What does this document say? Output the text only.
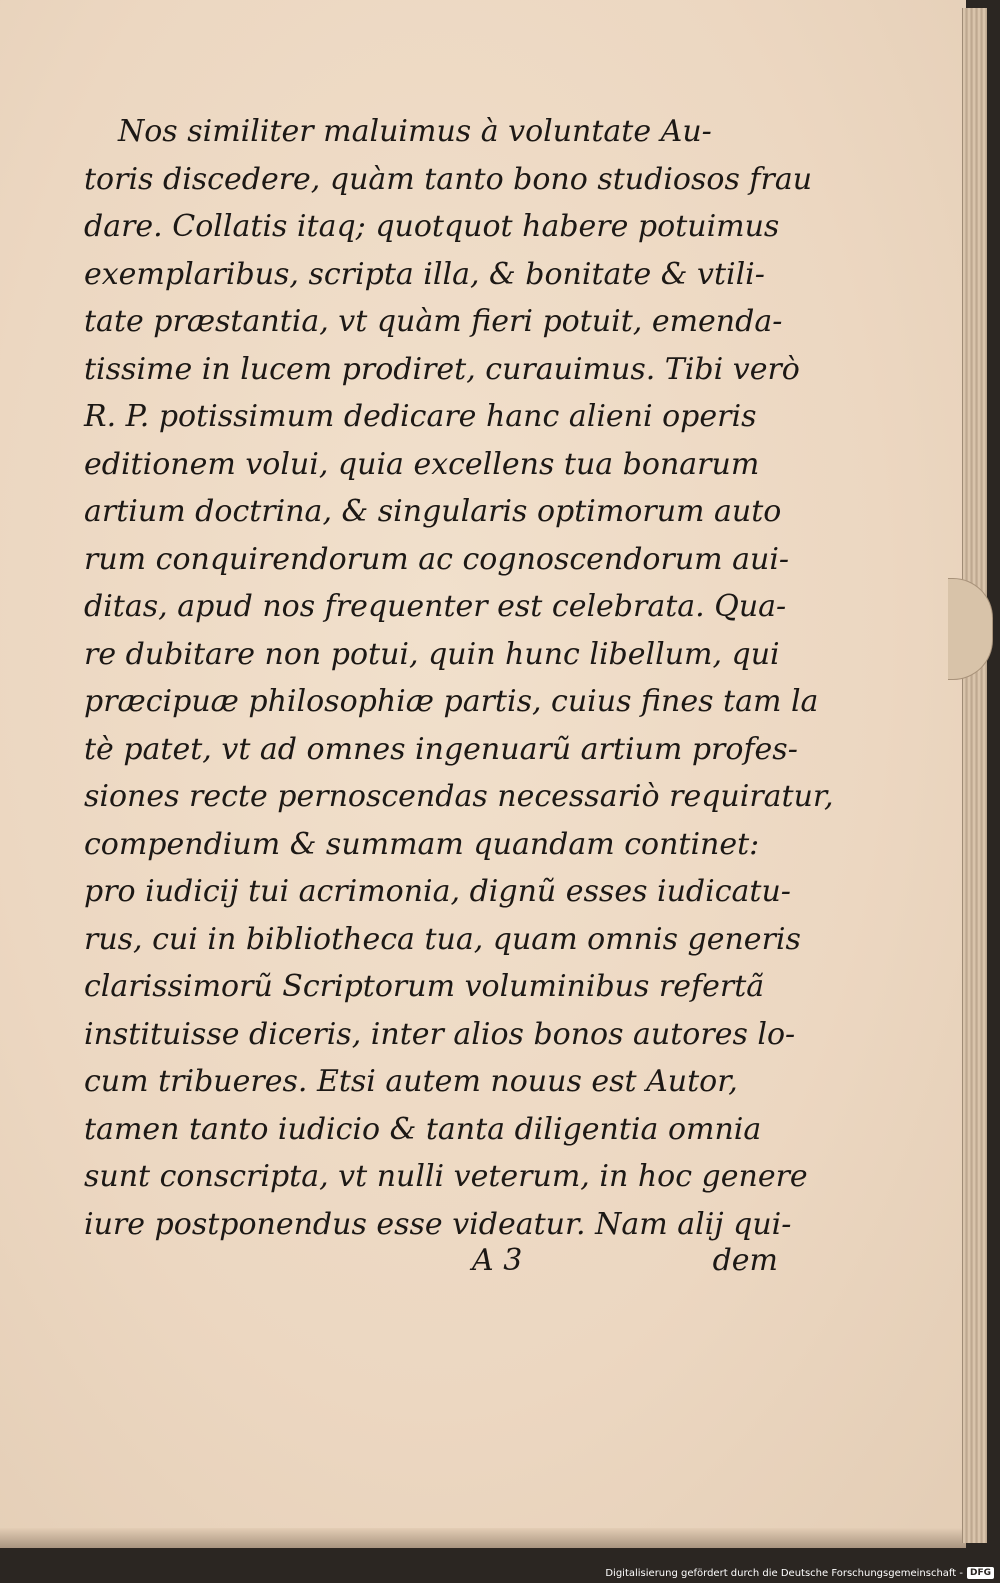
Nos similiter maluimus à voluntate Au-
toris discedere, quàm tanto bono studiosos frau
dare. Collatis itaq; quotquot habere potuimus
exemplaribus, scripta illa, & bonitate & vtili-
tate præstantia, vt quàm fieri potuit, emenda-
tissime in lucem prodiret, curauimus. Tibi verò
R. P. potissimum dedicare hanc alieni operis
editionem volui, quia excellens tua bonarum
artium doctrina, & singularis optimorum auto
rum conquirendorum ac cognoscendorum aui-
ditas, apud nos frequenter est celebrata. Qua-
re dubitare non potui, quin hunc libellum, qui
præcipuæ philosophiæ partis, cuius fines tam la
tè patet, vt ad omnes ingenuarũ artium profes-
siones recte pernoscendas necessariò requiratur,
compendium & summam quandam continet:
pro iudicij tui acrimonia, dignũ esses iudicatu-
rus, cui in bibliotheca tua, quam omnis generis
clarissimorũ Scriptorum voluminibus refertã
instituisse diceris, inter alios bonos autores lo-
cum tribueres. Etsi autem nouus est Autor,
tamen tanto iudicio & tanta diligentia omnia
sunt conscripta, vt nulli veterum, in hoc genere
iure postponendus esse videatur. Nam alij qui-
A 3	dem
Digitalisierung gefördert durch die Deutsche Forschungsgemeinschaft - DFG
